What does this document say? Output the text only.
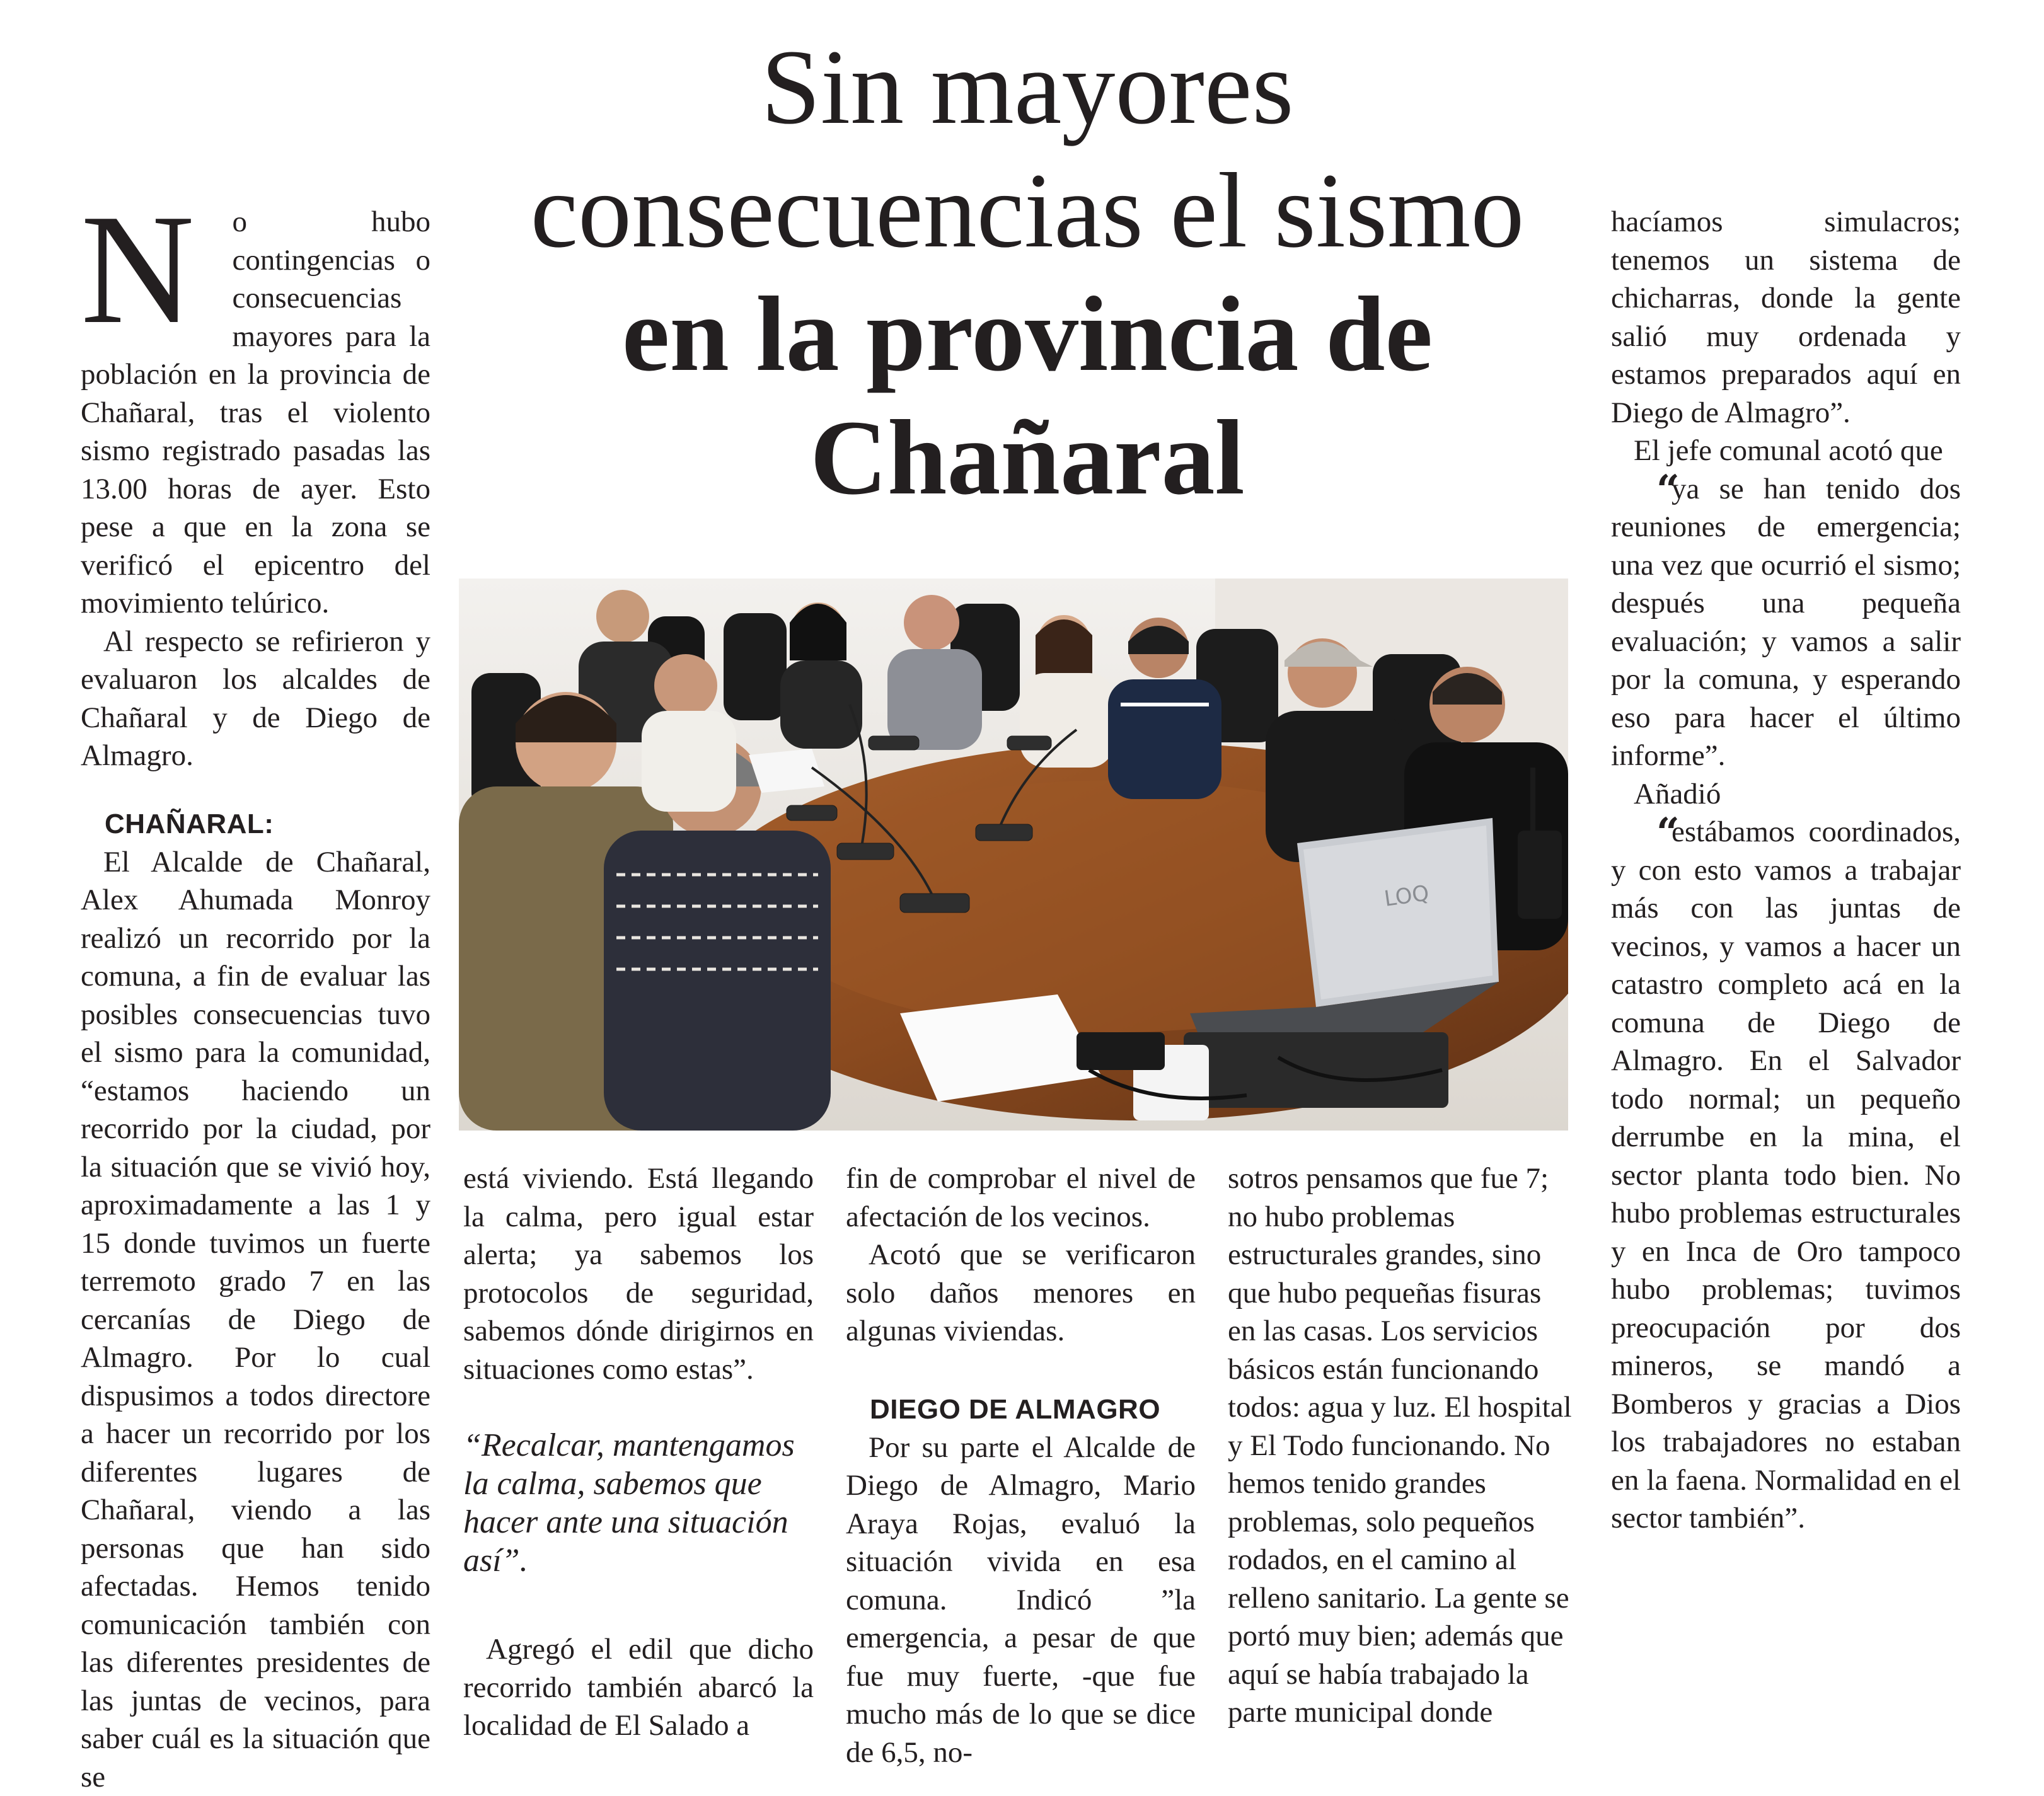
Sin mayores
consecuencias el sismo
en la provincia de
Chañaral

N o hubo contingencias o consecuencias mayores para la población en la provincia de Chañaral, tras el violento sismo registrado pasadas las 13.00 horas de ayer. Esto pese a que en la zona se verificó el epicentro del movimiento telúrico.

Al respecto se refirieron y evaluaron los alcaldes de Chañaral y de Diego de Almagro.

CHAÑARAL:

El Alcalde de Chañaral, Alex Ahumada Monroy realizó un recorrido por la comuna, a fin de evaluar las posibles consecuencias tuvo el sismo para la comunidad, “estamos haciendo un recorrido por la ciudad, por la situación que se vivió hoy, aproximadamente a las 1 y 15 donde tuvimos un fuerte terremoto grado 7 en las cercanías de Diego de Almagro. Por lo cual dispusimos a todos directore a hacer un recorrido por los diferentes lugares de Chañaral, viendo a las personas que han sido afectadas. Hemos tenido comunicación también con las diferentes presidentes de las juntas de vecinos, para saber cuál es la situación que se

LOQ

está viviendo. Está llegando la calma, pero igual estar alerta; ya sabemos los protocolos de seguridad, sabemos dónde dirigirnos en situaciones como estas”.

“Recalcar, mantengamos la calma, sabemos que hacer ante una situación así”.

Agregó el edil que dicho recorrido también abarcó la localidad de El Salado a

fin de comprobar el nivel de afectación de los vecinos.

Acotó que se verificaron solo daños menores en algunas viviendas.

DIEGO DE ALMAGRO

Por su parte el Alcalde de Diego de Almagro, Mario Araya Rojas, evaluó la situación vivida en esa comuna. Indicó ”la emergencia, a pesar de que fue muy fuerte, -que fue mucho más de lo que se dice de 6,5, no-

sotros pensamos que fue 7; no hubo problemas estructurales grandes, sino que hubo pequeñas fisuras en las casas. Los servicios básicos están funcionando todos: agua y luz. El hospital y El Todo funcionando. No hemos tenido grandes problemas, solo pequeños rodados, en el camino al relleno sanitario. La gente se portó muy bien; además que aquí se había trabajado la parte municipal donde

hacíamos simulacros; tenemos un sistema de chicharras, donde la gente salió muy ordenada y estamos preparados aquí en Diego de Almagro”.

El jefe comunal acotó que

“ya se han tenido dos reuniones de emergencia; una vez que ocurrió el sismo; después una pequeña evaluación; y vamos a salir por la comuna, y esperando eso para hacer el último informe”.

Añadió

“estábamos coordinados, y con esto vamos a trabajar más con las juntas de vecinos, y vamos a hacer un catastro completo acá en la comuna de Diego de Almagro. En el Salvador todo normal; un pequeño derrumbe en la mina, el sector planta todo bien. No hubo problemas estructurales y en Inca de Oro tampoco hubo problemas; tuvimos preocupación por dos mineros, se mandó a Bomberos y gracias a Dios los trabajadores no estaban en la faena. Normalidad en el sector también”.
